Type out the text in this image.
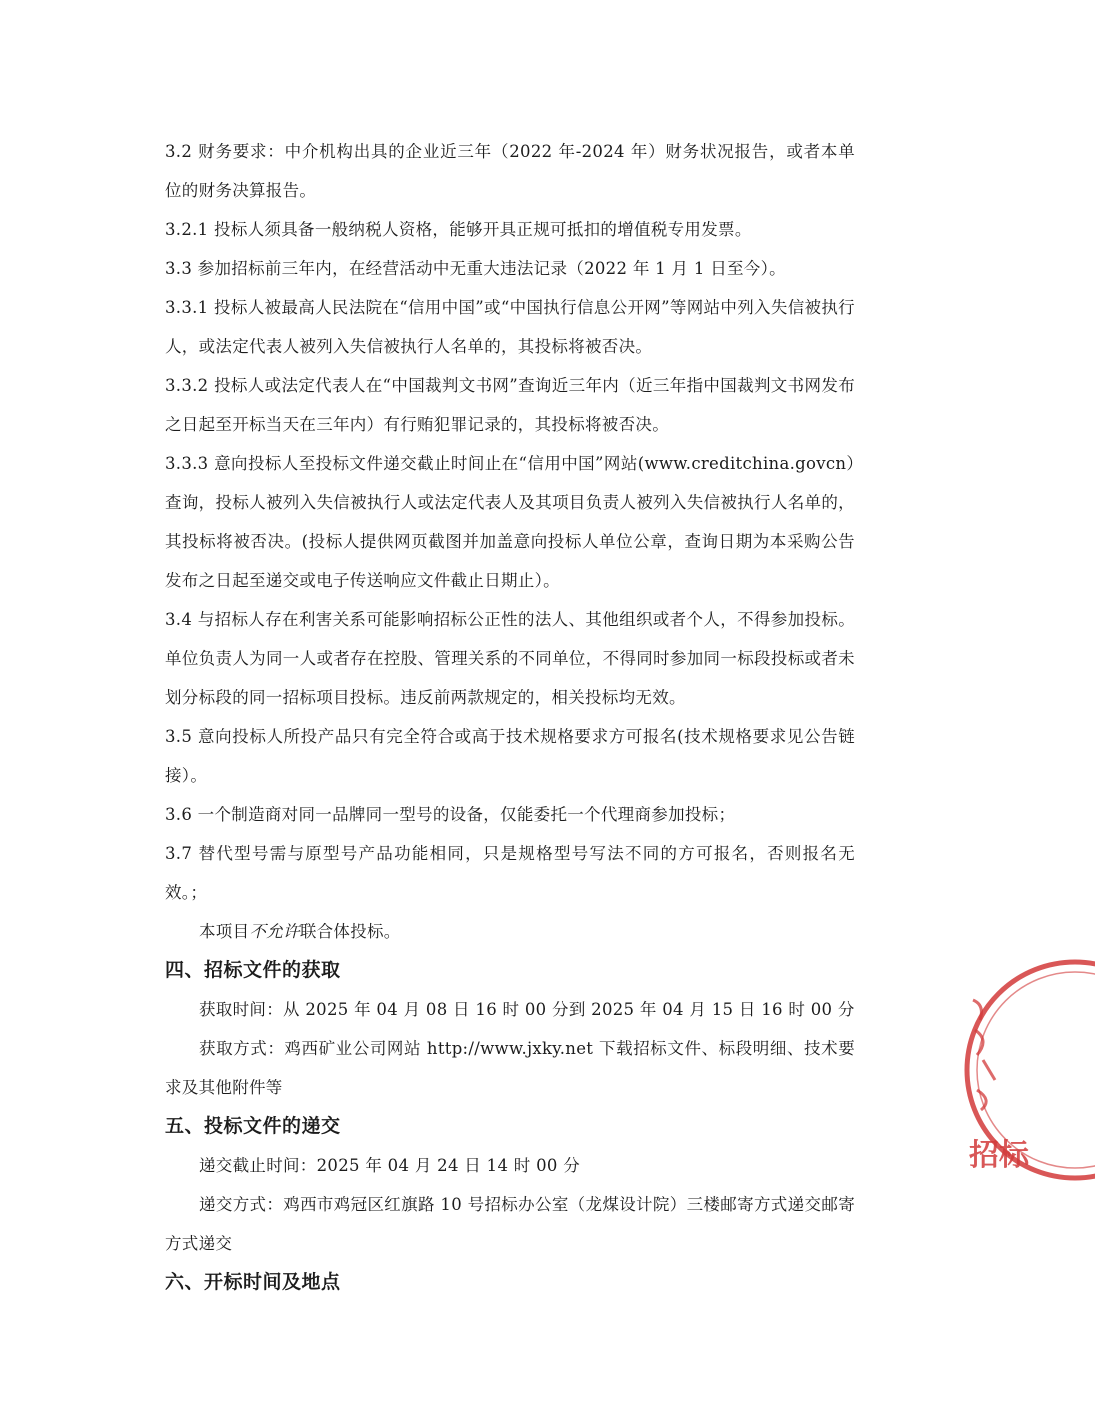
3.2 财务要求：中介机构出具的企业近三年（2022 年-2024 年）财务状况报告，或者本单位的财务决算报告。

3.2.1 投标人须具备一般纳税人资格，能够开具正规可抵扣的增值税专用发票。

3.3 参加招标前三年内，在经营活动中无重大违法记录（2022 年 1 月 1 日至今）。

3.3.1 投标人被最高人民法院在“信用中国”或“中国执行信息公开网”等网站中列入失信被执行人，或法定代表人被列入失信被执行人名单的，其投标将被否决。

3.3.2 投标人或法定代表人在“中国裁判文书网”查询近三年内（近三年指中国裁判文书网发布之日起至开标当天在三年内）有行贿犯罪记录的，其投标将被否决。

3.3.3 意向投标人至投标文件递交截止时间止在“信用中国”网站(www.creditchina.govcn）查询，投标人被列入失信被执行人或法定代表人及其项目负责人被列入失信被执行人名单的，其投标将被否决。(投标人提供网页截图并加盖意向投标人单位公章，查询日期为本采购公告发布之日起至递交或电子传送响应文件截止日期止）。

3.4 与招标人存在利害关系可能影响招标公正性的法人、其他组织或者个人，不得参加投标。单位负责人为同一人或者存在控股、管理关系的不同单位，不得同时参加同一标段投标或者未划分标段的同一招标项目投标。违反前两款规定的，相关投标均无效。

3.5 意向投标人所投产品只有完全符合或高于技术规格要求方可报名(技术规格要求见公告链接）。

3.6 一个制造商对同一品牌同一型号的设备，仅能委托一个代理商参加投标；

3.7 替代型号需与原型号产品功能相同，只是规格型号写法不同的方可报名，否则报名无效。；

本项目不允许联合体投标。

四、招标文件的获取

获取时间：从 2025 年 04 月 08 日 16 时 00 分到 2025 年 04 月 15 日 16 时 00 分

获取方式：鸡西矿业公司网站 http://www.jxky.net 下载招标文件、标段明细、技术要求及其他附件等

五、投标文件的递交

递交截止时间：2025 年 04 月 24 日 14 时 00 分

递交方式：鸡西市鸡冠区红旗路 10 号招标办公室（龙煤设计院）三楼邮寄方式递交邮寄方式递交

六、开标时间及地点

招标
